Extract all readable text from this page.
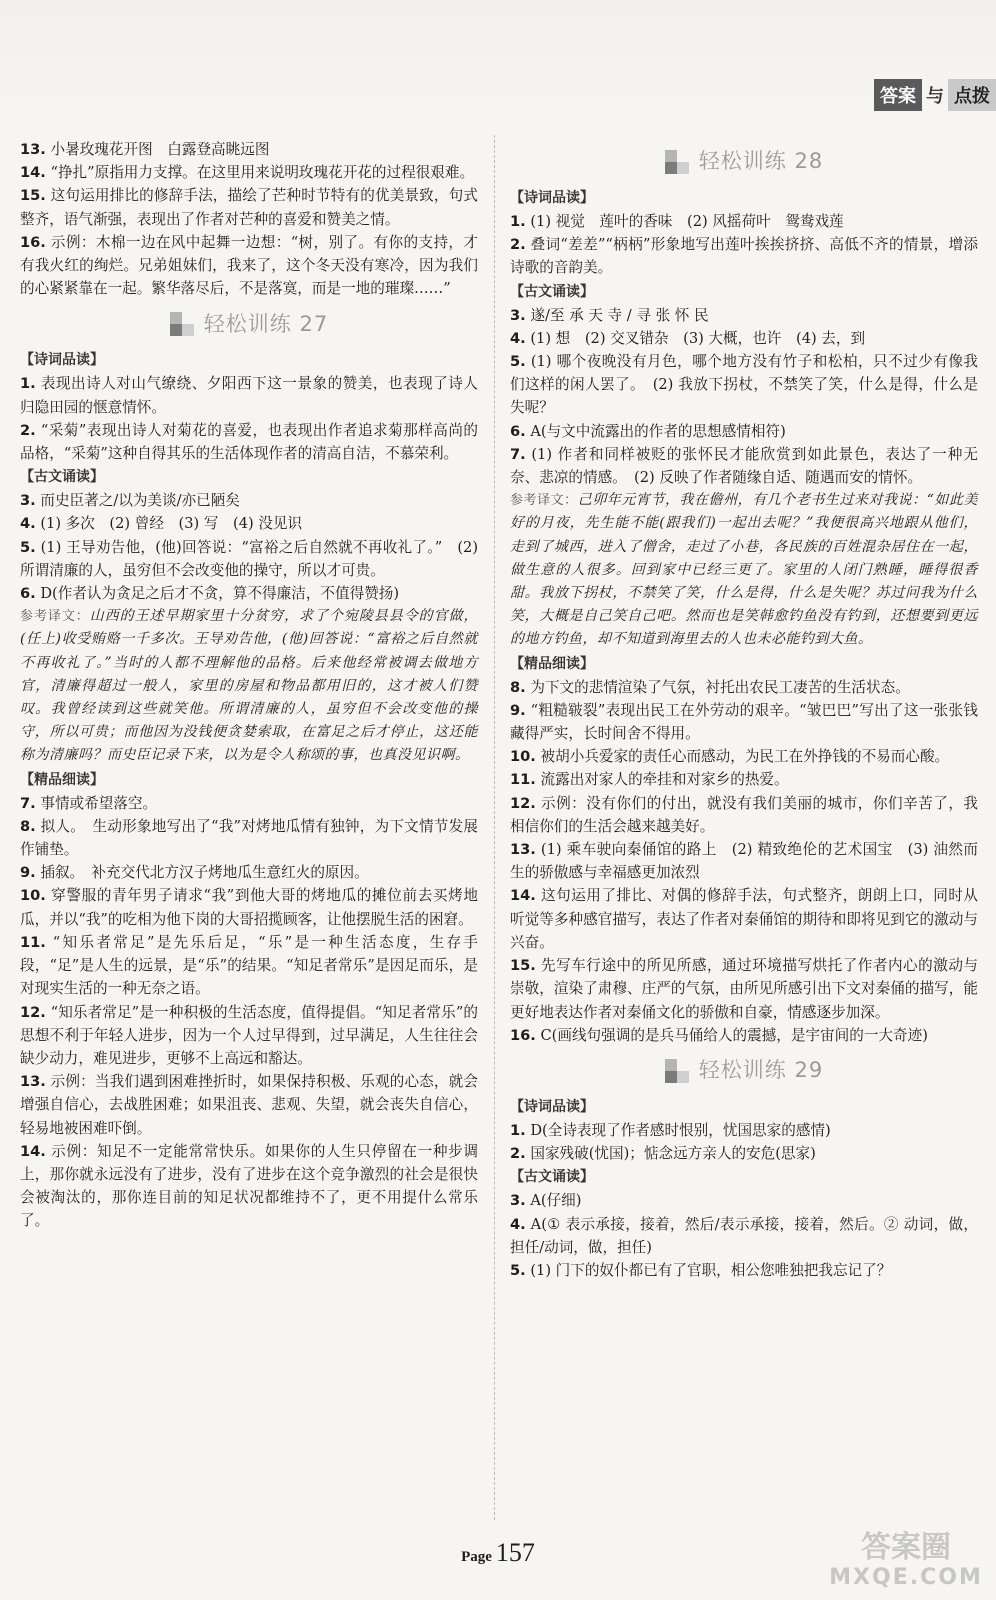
答案 与 点拨

13. 小暑玫瑰花开图　白露登高眺远图

14. “挣扎”原指用力支撑。在这里用来说明玫瑰花开花的过程很艰难。

15. 这句运用排比的修辞手法，描绘了芒种时节特有的优美景致，句式整齐，语气渐强，表现出了作者对芒种的喜爱和赞美之情。

16. 示例：木棉一边在风中起舞一边想：“树，别了。有你的支持，才有我火红的绚烂。兄弟姐妹们，我来了，这个冬天没有寒冷，因为我们的心紧紧靠在一起。繁华落尽后，不是落寞，而是一地的璀璨……”

轻松训练 27
【诗词品读】

1. 表现出诗人对山气缭绕、夕阳西下这一景象的赞美，也表现了诗人归隐田园的惬意情怀。

2. “采菊”表现出诗人对菊花的喜爱，也表现出作者追求菊那样高尚的品格，“采菊”这种自得其乐的生活体现作者的清高自洁，不慕荣利。

【古文诵读】

3. 而史臣著之/以为美谈/亦已陋矣

4. (1) 多次　(2) 曾经　(3) 写　(4) 没见识

5. (1) 王导劝告他，(他)回答说：“富裕之后自然就不再收礼了。”　(2) 所谓清廉的人，虽穷但不会改变他的操守，所以才可贵。

6. D(作者认为贪足之后才不贪，算不得廉洁，不值得赞扬)

参考译文：山西的王述早期家里十分贫穷，求了个宛陵县县令的官做，(任上)收受贿赂一千多次。王导劝告他，(他)回答说：“富裕之后自然就不再收礼了。”当时的人都不理解他的品格。后来他经常被调去做地方官，清廉得超过一般人，家里的房屋和物品都用旧的，这才被人们赞叹。我曾经读到这些就笑他。所谓清廉的人，虽穷但不会改变他的操守，所以可贵；而他因为没钱便贪婪索取，在富足之后才停止，这还能称为清廉吗？而史臣记录下来，以为是令人称颂的事，也真没见识啊。

【精品细读】

7. 事情或希望落空。

8. 拟人。　生动形象地写出了“我”对烤地瓜情有独钟，为下文情节发展作铺垫。

9. 插叙。　补充交代北方汉子烤地瓜生意红火的原因。

10. 穿警服的青年男子请求“我”到他大哥的烤地瓜的摊位前去买烤地瓜，并以“我”的吃相为他下岗的大哥招揽顾客，让他摆脱生活的困窘。

11. “知乐者常足”是先乐后足，“乐”是一种生活态度，生存手段，“足”是人生的远景，是“乐”的结果。“知足者常乐”是因足而乐，是对现实生活的一种无奈之语。

12. “知乐者常足”是一种积极的生活态度，值得提倡。“知足者常乐”的思想不利于年轻人进步，因为一个人过早得到，过早满足，人生往往会缺少动力，难见进步，更够不上高远和豁达。

13. 示例：当我们遇到困难挫折时，如果保持积极、乐观的心态，就会增强自信心，去战胜困难；如果沮丧、悲观、失望，就会丧失自信心，轻易地被困难吓倒。

14. 示例：知足不一定能常常快乐。如果你的人生只停留在一种步调上，那你就永远没有了进步，没有了进步在这个竞争激烈的社会是很快会被淘汰的，那你连目前的知足状况都维持不了，更不用提什么常乐了。

轻松训练 28
【诗词品读】

1. (1) 视觉　莲叶的香味　(2) 风摇荷叶　鸳鸯戏莲

2. 叠词“差差”“柄柄”形象地写出莲叶挨挨挤挤、高低不齐的情景，增添诗歌的音韵美。

【古文诵读】

3. 遂/至 承 天 寺 / 寻 张 怀 民

4. (1) 想　(2) 交叉错杂　(3) 大概，也许　(4) 去，到

5. (1) 哪个夜晚没有月色，哪个地方没有竹子和松柏，只不过少有像我们这样的闲人罢了。　(2) 我放下拐杖，不禁笑了笑，什么是得，什么是失呢？

6. A(与文中流露出的作者的思想感情相符)

7. (1) 作者和同样被贬的张怀民才能欣赏到如此景色，表达了一种无奈、悲凉的情感。　(2) 反映了作者随缘自适、随遇而安的情怀。

参考译文：己卯年元宵节，我在儋州，有几个老书生过来对我说：“如此美好的月夜，先生能不能(跟我们)一起出去呢？”我便很高兴地跟从他们，走到了城西，进入了僧舍，走过了小巷，各民族的百姓混杂居住在一起，做生意的人很多。回到家中已经三更了。家里的人闭门熟睡，睡得很香甜。我放下拐杖，不禁笑了笑，什么是得，什么是失呢？苏过问我为什么笑，大概是自己笑自己吧。然而也是笑韩愈钓鱼没有钓到，还想要到更远的地方钓鱼，却不知道到海里去的人也未必能钓到大鱼。

【精品细读】

8. 为下文的悲情渲染了气氛，衬托出农民工凄苦的生活状态。

9. “粗糙皲裂”表现出民工在外劳动的艰辛。“皱巴巴”写出了这一张张钱藏得严实，长时间舍不得用。

10. 被胡小兵爱家的责任心而感动，为民工在外挣钱的不易而心酸。

11. 流露出对家人的牵挂和对家乡的热爱。

12. 示例：没有你们的付出，就没有我们美丽的城市，你们辛苦了，我相信你们的生活会越来越美好。

13. (1) 乘车驶向秦俑馆的路上　(2) 精致绝伦的艺术国宝　(3) 油然而生的骄傲感与幸福感更加浓烈

14. 这句运用了排比、对偶的修辞手法，句式整齐，朗朗上口，同时从听觉等多种感官描写，表达了作者对秦俑馆的期待和即将见到它的激动与兴奋。

15. 先写车行途中的所见所感，通过环境描写烘托了作者内心的激动与崇敬，渲染了肃穆、庄严的气氛，由所见所感引出下文对秦俑的描写，能更好地表达作者对秦俑文化的骄傲和自豪，情感逐步加深。

16. C(画线句强调的是兵马俑给人的震撼，是宇宙间的一大奇迹)

轻松训练 29
【诗词品读】

1. D(全诗表现了作者感时恨别，忧国思家的感情)

2. 国家残破(忧国)；惦念远方亲人的安危(思家)

【古文诵读】

3. A(仔细)

4. A(① 表示承接，接着，然后/表示承接，接着，然后。② 动词，做，担任/动词，做，担任)

5. (1) 门下的奴仆都已有了官职，相公您唯独把我忘记了？

Page 157	答案圈
MXQE.COM
